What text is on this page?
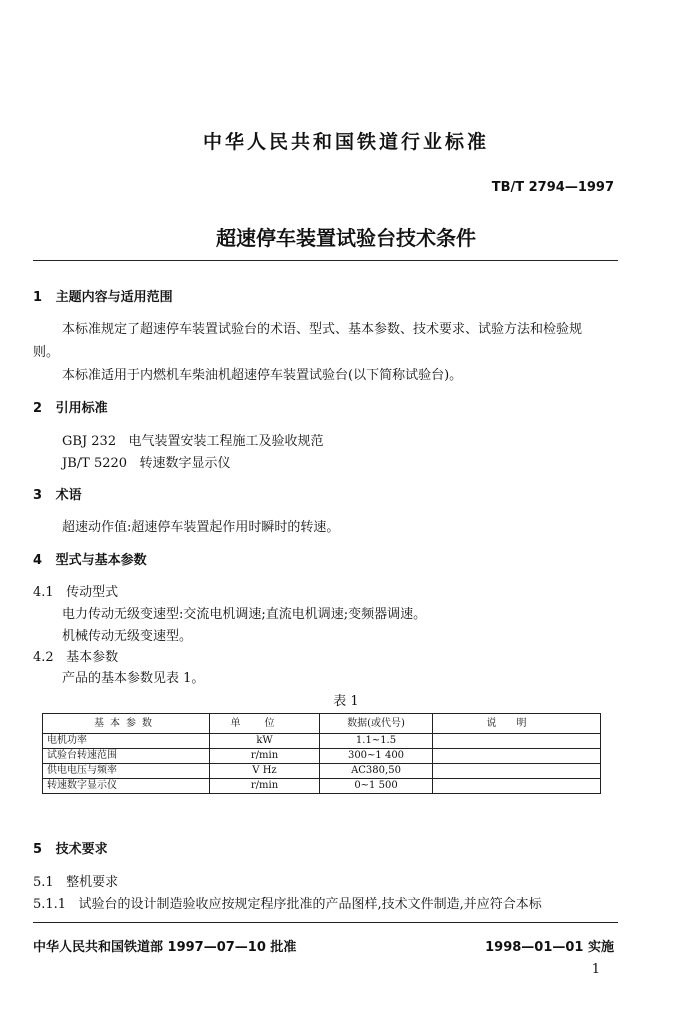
中华人民共和国铁道行业标准
TB/T 2794—1997
超速停车装置试验台技术条件
1 主题内容与适用范围
本标准规定了超速停车装置试验台的术语、型式、基本参数、技术要求、试验方法和检验规
则。
本标准适用于内燃机车柴油机超速停车装置试验台(以下简称试验台)。
2 引用标准
GBJ 232 电气装置安装工程施工及验收规范
JB/T 5220 转速数字显示仪
3 术语
超速动作值:超速停车装置起作用时瞬时的转速。
4 型式与基本参数
4.1 传动型式
电力传动无级变速型:交流电机调速;直流电机调速;变频器调速。
机械传动无级变速型。
4.2 基本参数
产品的基本参数见表 1。
表 1
基本参数	单位	数据(或代号)	说明
电机功率	kW	1.1~1.5	
试验台转速范围	r/min	300~1 400	
供电电压与频率	V Hz	AC380,50	
转速数字显示仪	r/min	0~1 500	
5 技术要求
5.1 整机要求
5.1.1 试验台的设计制造验收应按规定程序批准的产品图样,技术文件制造,并应符合本标
中华人民共和国铁道部 1997—07—10 批准	1998—01—01 实施
1
